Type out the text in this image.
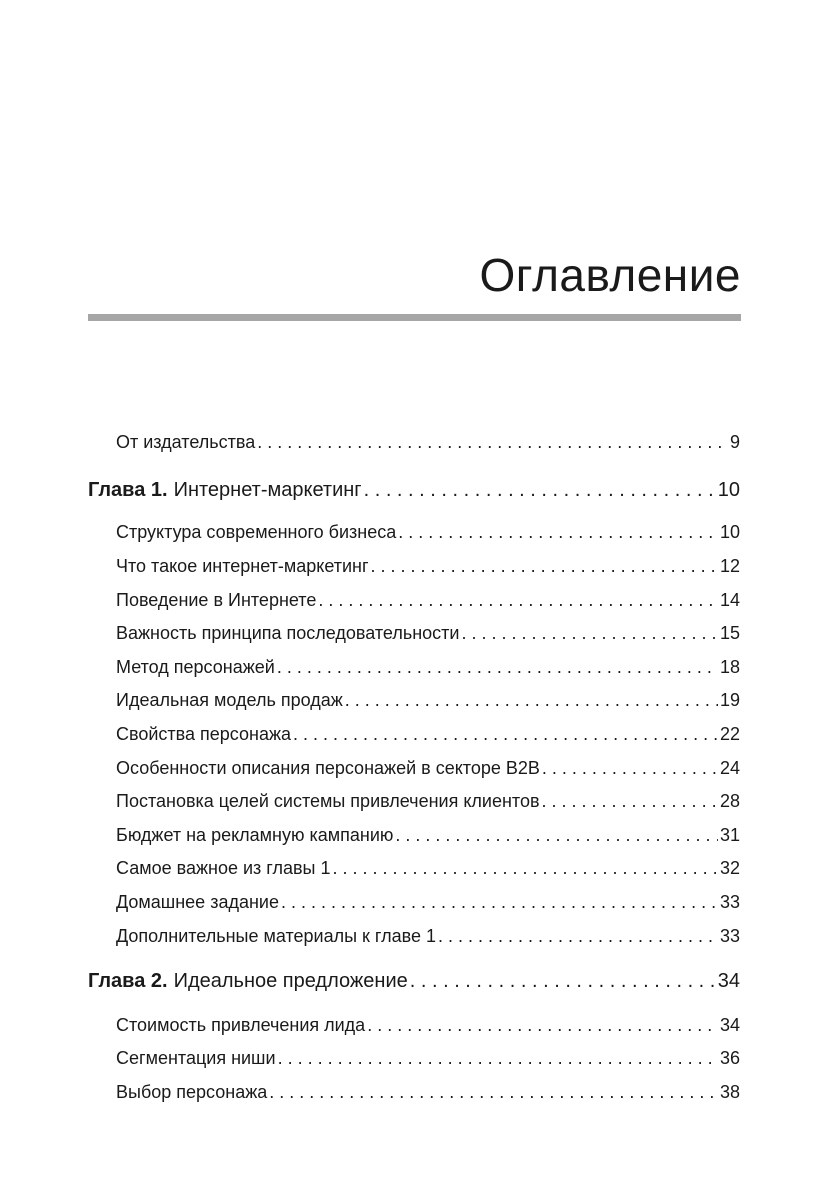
Оглавление
От издательства . . .	9
Глава 1. Интернет-маркетинг . . .	10
Структура современного бизнеса . . .	10
Что такое интернет-маркетинг . . .	12
Поведение в Интернете . . .	14
Важность принципа последовательности . . .	15
Метод персонажей . . .	18
Идеальная модель продаж . . .	19
Свойства персонажа . . .	22
Особенности описания персонажей в секторе B2B . . .	24
Постановка целей системы привлечения клиентов . . .	28
Бюджет на рекламную кампанию . . .	31
Самое важное из главы 1 . . .	32
Домашнее задание . . .	33
Дополнительные материалы к главе 1 . . .	33
Глава 2. Идеальное предложение . . .	34
Стоимость привлечения лида . . .	34
Сегментация ниши . . .	36
Выбор персонажа . . .	38
